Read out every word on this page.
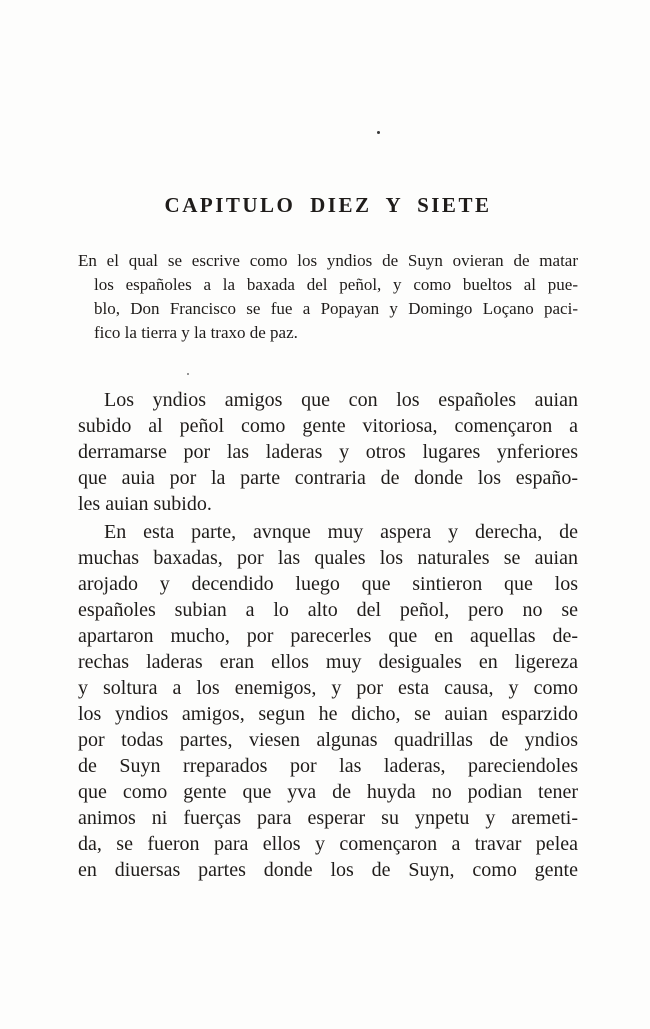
CAPITULO DIEZ Y SIETE
En el qual se escrive como los yndios de Suyn ovieran de matar
los españoles a la baxada del peñol, y como bueltos al pue-
blo, Don Francisco se fue a Popayan y Domingo Loçano paci-
fico la tierra y la traxo de paz.
Los yndios amigos que con los españoles auian
subido al peñol como gente vitoriosa, començaron a
derramarse por las laderas y otros lugares ynferiores
que auia por la parte contraria de donde los españo-
les auian subido.
En esta parte, avnque muy aspera y derecha, de
muchas baxadas, por las quales los naturales se auian
arojado y decendido luego que sintieron que los
españoles subian a lo alto del peñol, pero no se
apartaron mucho, por parecerles que en aquellas de-
rechas laderas eran ellos muy desiguales en ligereza
y soltura a los enemigos, y por esta causa, y como
los yndios amigos, segun he dicho, se auian esparzido
por todas partes, viesen algunas quadrillas de yndios
de Suyn rreparados por las laderas, pareciendoles
que como gente que yva de huyda no podian tener
animos ni fuerças para esperar su ynpetu y aremeti-
da, se fueron para ellos y començaron a travar pelea
en diuersas partes donde los de Suyn, como gente
